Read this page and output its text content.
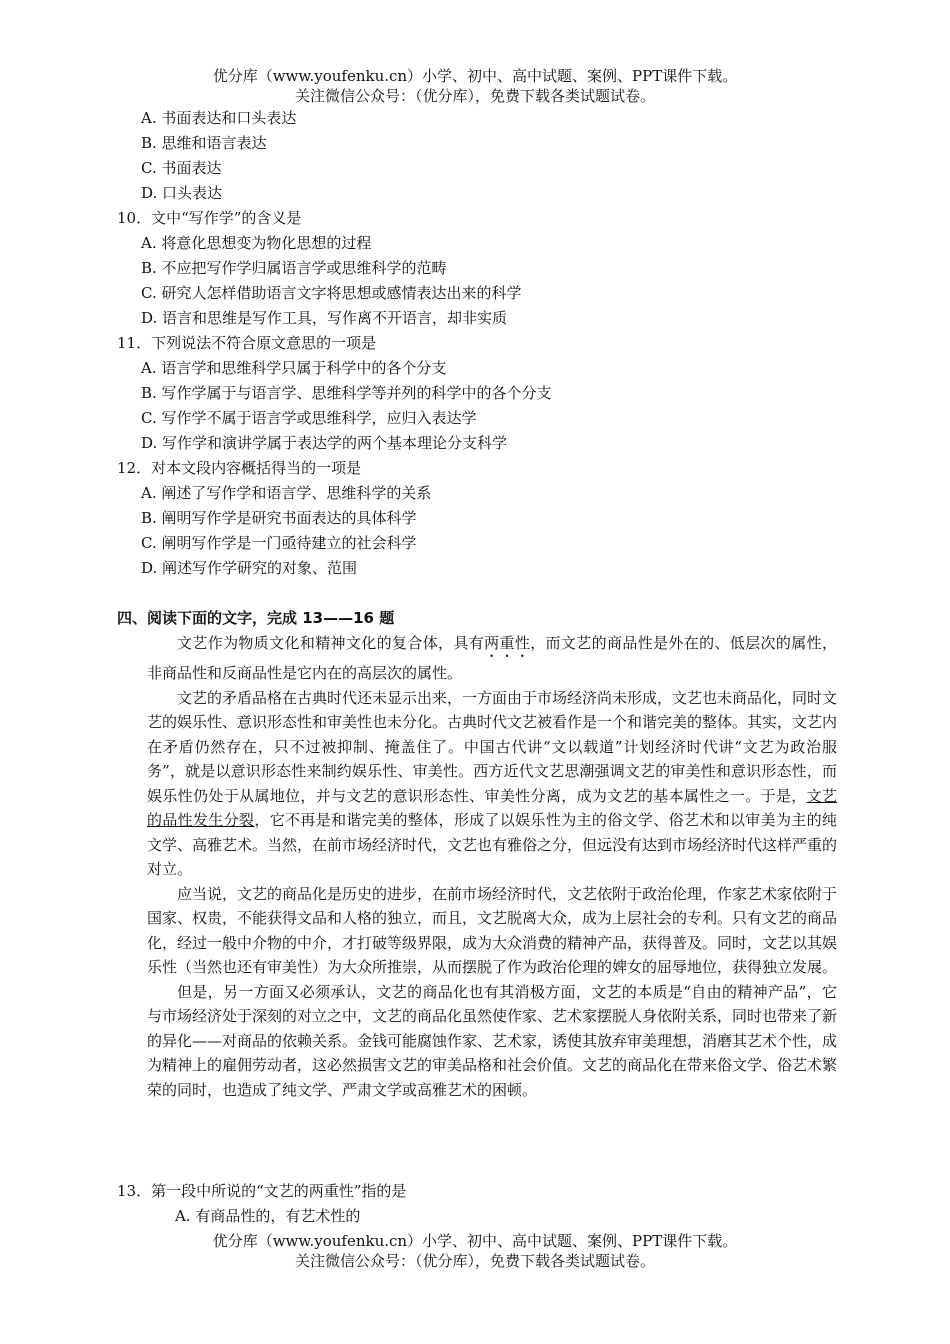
优分库（www.youfenku.cn）小学、初中、高中试题、案例、PPT课件下载。
关注微信公众号：（优分库），免费下载各类试题试卷。
A. 书面表达和口头表达
B. 思维和语言表达
C. 书面表达
D. 口头表达
10．文中“写作学”的含义是
A. 将意化思想变为物化思想的过程
B. 不应把写作学归属语言学或思维科学的范畴
C. 研究人怎样借助语言文字将思想或感情表达出来的科学
D. 语言和思维是写作工具，写作离不开语言，却非实质
11．下列说法不符合原文意思的一项是
A. 语言学和思维科学只属于科学中的各个分支
B. 写作学属于与语言学、思维科学等并列的科学中的各个分支
C. 写作学不属于语言学或思维科学，应归入表达学
D. 写作学和演讲学属于表达学的两个基本理论分支科学
12．对本文段内容概括得当的一项是
A. 阐述了写作学和语言学、思维科学的关系
B. 阐明写作学是研究书面表达的具体科学
C. 阐明写作学是一门亟待建立的社会科学
D. 阐述写作学研究的对象、范围
四、阅读下面的文字，完成 13——16 题

文艺作为物质文化和精神文化的复合体，具有两重性，而文艺的商品性是外在的、低层次的属性，非商品性和反商品性是它内在的高层次的属性。

文艺的矛盾品格在古典时代还未显示出来，一方面由于市场经济尚未形成，文艺也未商品化，同时文艺的娱乐性、意识形态性和审美性也未分化。古典时代文艺被看作是一个和谐完美的整体。其实，文艺内在矛盾仍然存在，只不过被抑制、掩盖住了。中国古代讲“文以载道”计划经济时代讲“文艺为政治服务”，就是以意识形态性来制约娱乐性、审美性。西方近代文艺思潮强调文艺的审美性和意识形态性，而娱乐性仍处于从属地位，并与文艺的意识形态性、审美性分离，成为文艺的基本属性之一。于是，文艺的品性发生分裂，它不再是和谐完美的整体，形成了以娱乐性为主的俗文学、俗艺术和以审美为主的纯文学、高雅艺术。当然，在前市场经济时代，文艺也有雅俗之分，但远没有达到市场经济时代这样严重的对立。

应当说，文艺的商品化是历史的进步，在前市场经济时代，文艺依附于政治伦理，作家艺术家依附于国家、权贵，不能获得文品和人格的独立，而且，文艺脱离大众，成为上层社会的专利。只有文艺的商品化，经过一般中介物的中介，才打破等级界限，成为大众消费的精神产品，获得普及。同时，文艺以其娱乐性（当然也还有审美性）为大众所推崇，从而摆脱了作为政治伦理的婢女的屈辱地位，获得独立发展。

但是，另一方面又必须承认，文艺的商品化也有其消极方面，文艺的本质是“自由的精神产品”，它与市场经济处于深刻的对立之中，文艺的商品化虽然使作家、艺术家摆脱人身依附关系，同时也带来了新的异化——对商品的依赖关系。金钱可能腐蚀作家、艺术家，诱使其放弃审美理想，消磨其艺术个性，成为精神上的雇佣劳动者，这必然损害文艺的审美品格和社会价值。文艺的商品化在带来俗文学、俗艺术繁荣的同时，也造成了纯文学、严肃文学或高雅艺术的困顿。

13．第一段中所说的“文艺的两重性”指的是
A. 有商品性的，有艺术性的
优分库（www.youfenku.cn）小学、初中、高中试题、案例、PPT课件下载。
关注微信公众号：（优分库），免费下载各类试题试卷。
